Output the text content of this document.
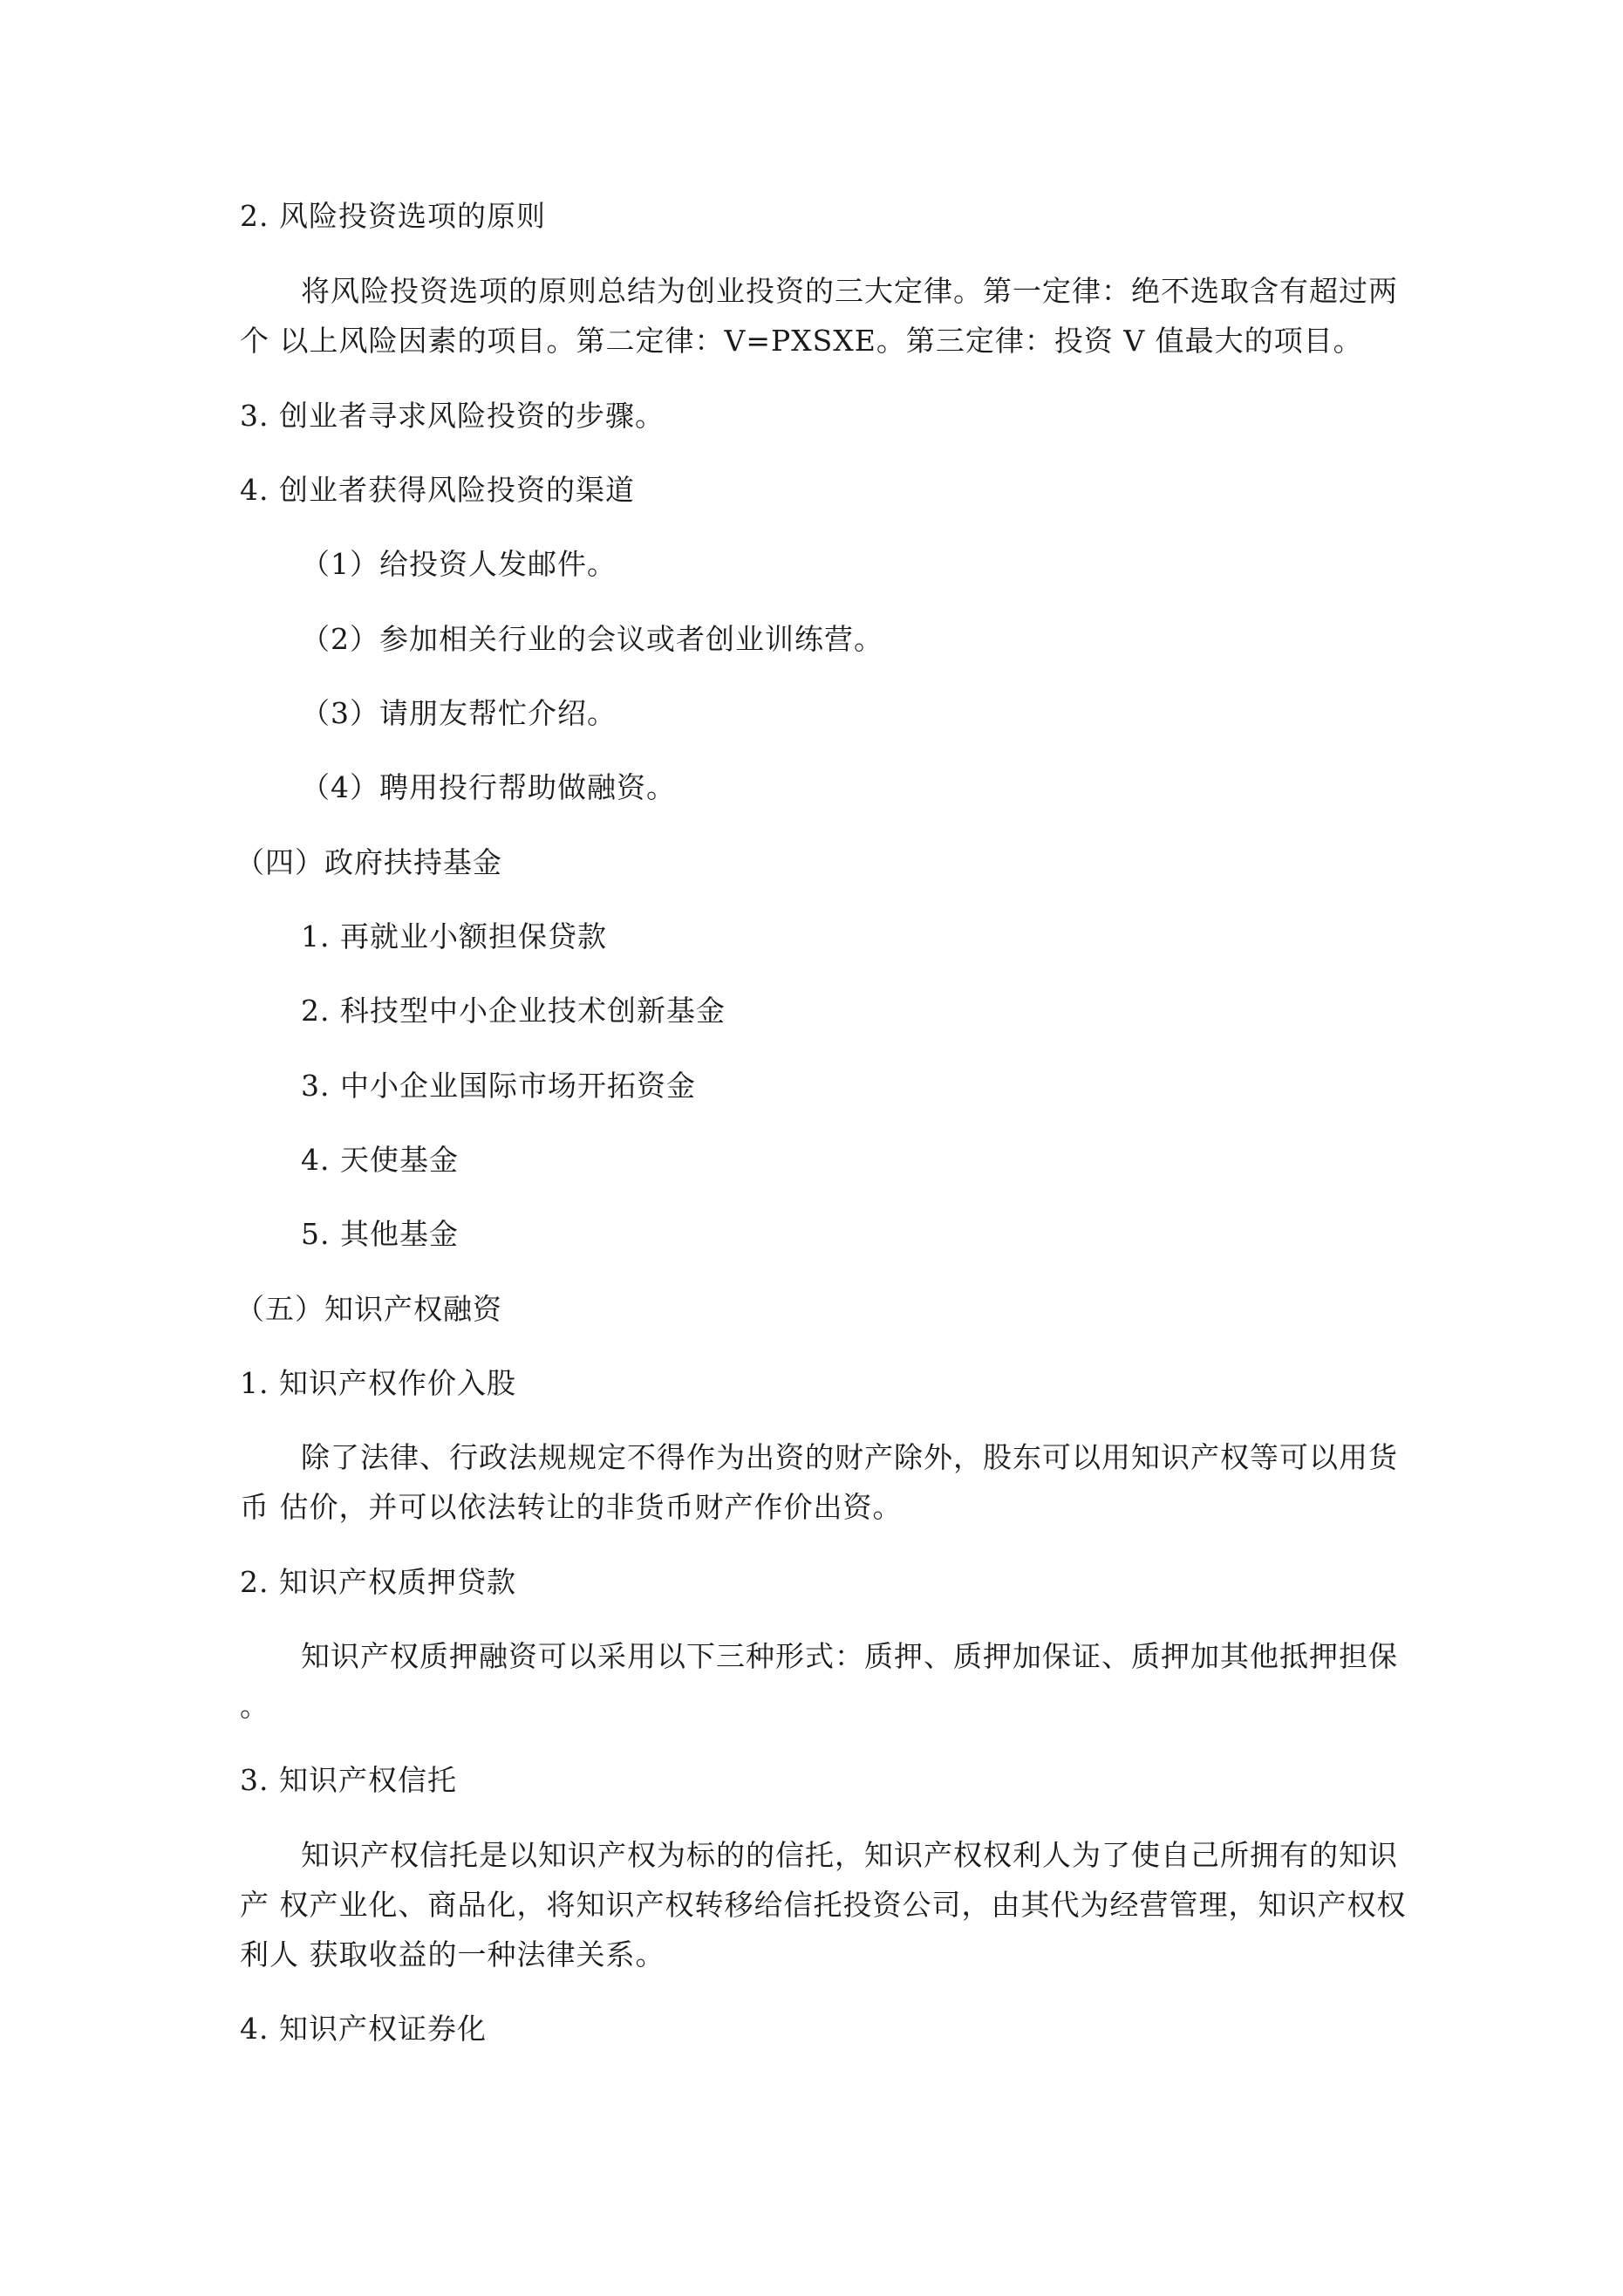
2. 风险投资选项的原则
将风险投资选项的原则总结为创业投资的三大定律。第一定律：绝不选取含有超过两
个 以上风险因素的项目。第二定律：V=PXSXE。第三定律：投资 V 值最大的项目。
3. 创业者寻求风险投资的步骤。
4. 创业者获得风险投资的渠道
（1）给投资人发邮件。
（2）参加相关行业的会议或者创业训练营。
（3）请朋友帮忙介绍。
（4）聘用投行帮助做融资。
（四）政府扶持基金
1. 再就业小额担保贷款
2. 科技型中小企业技术创新基金
3. 中小企业国际市场开拓资金
4. 天使基金
5. 其他基金
（五）知识产权融资
1. 知识产权作价入股
除了法律、行政法规规定不得作为出资的财产除外，股东可以用知识产权等可以用货
币 估价，并可以依法转让的非货币财产作价出资。
2. 知识产权质押贷款
知识产权质押融资可以采用以下三种形式：质押、质押加保证、质押加其他抵押担保
。
3. 知识产权信托
知识产权信托是以知识产权为标的的信托，知识产权权利人为了使自己所拥有的知识
产 权产业化、商品化，将知识产权转移给信托投资公司，由其代为经营管理，知识产权权
利人 获取收益的一种法律关系。
4. 知识产权证券化
